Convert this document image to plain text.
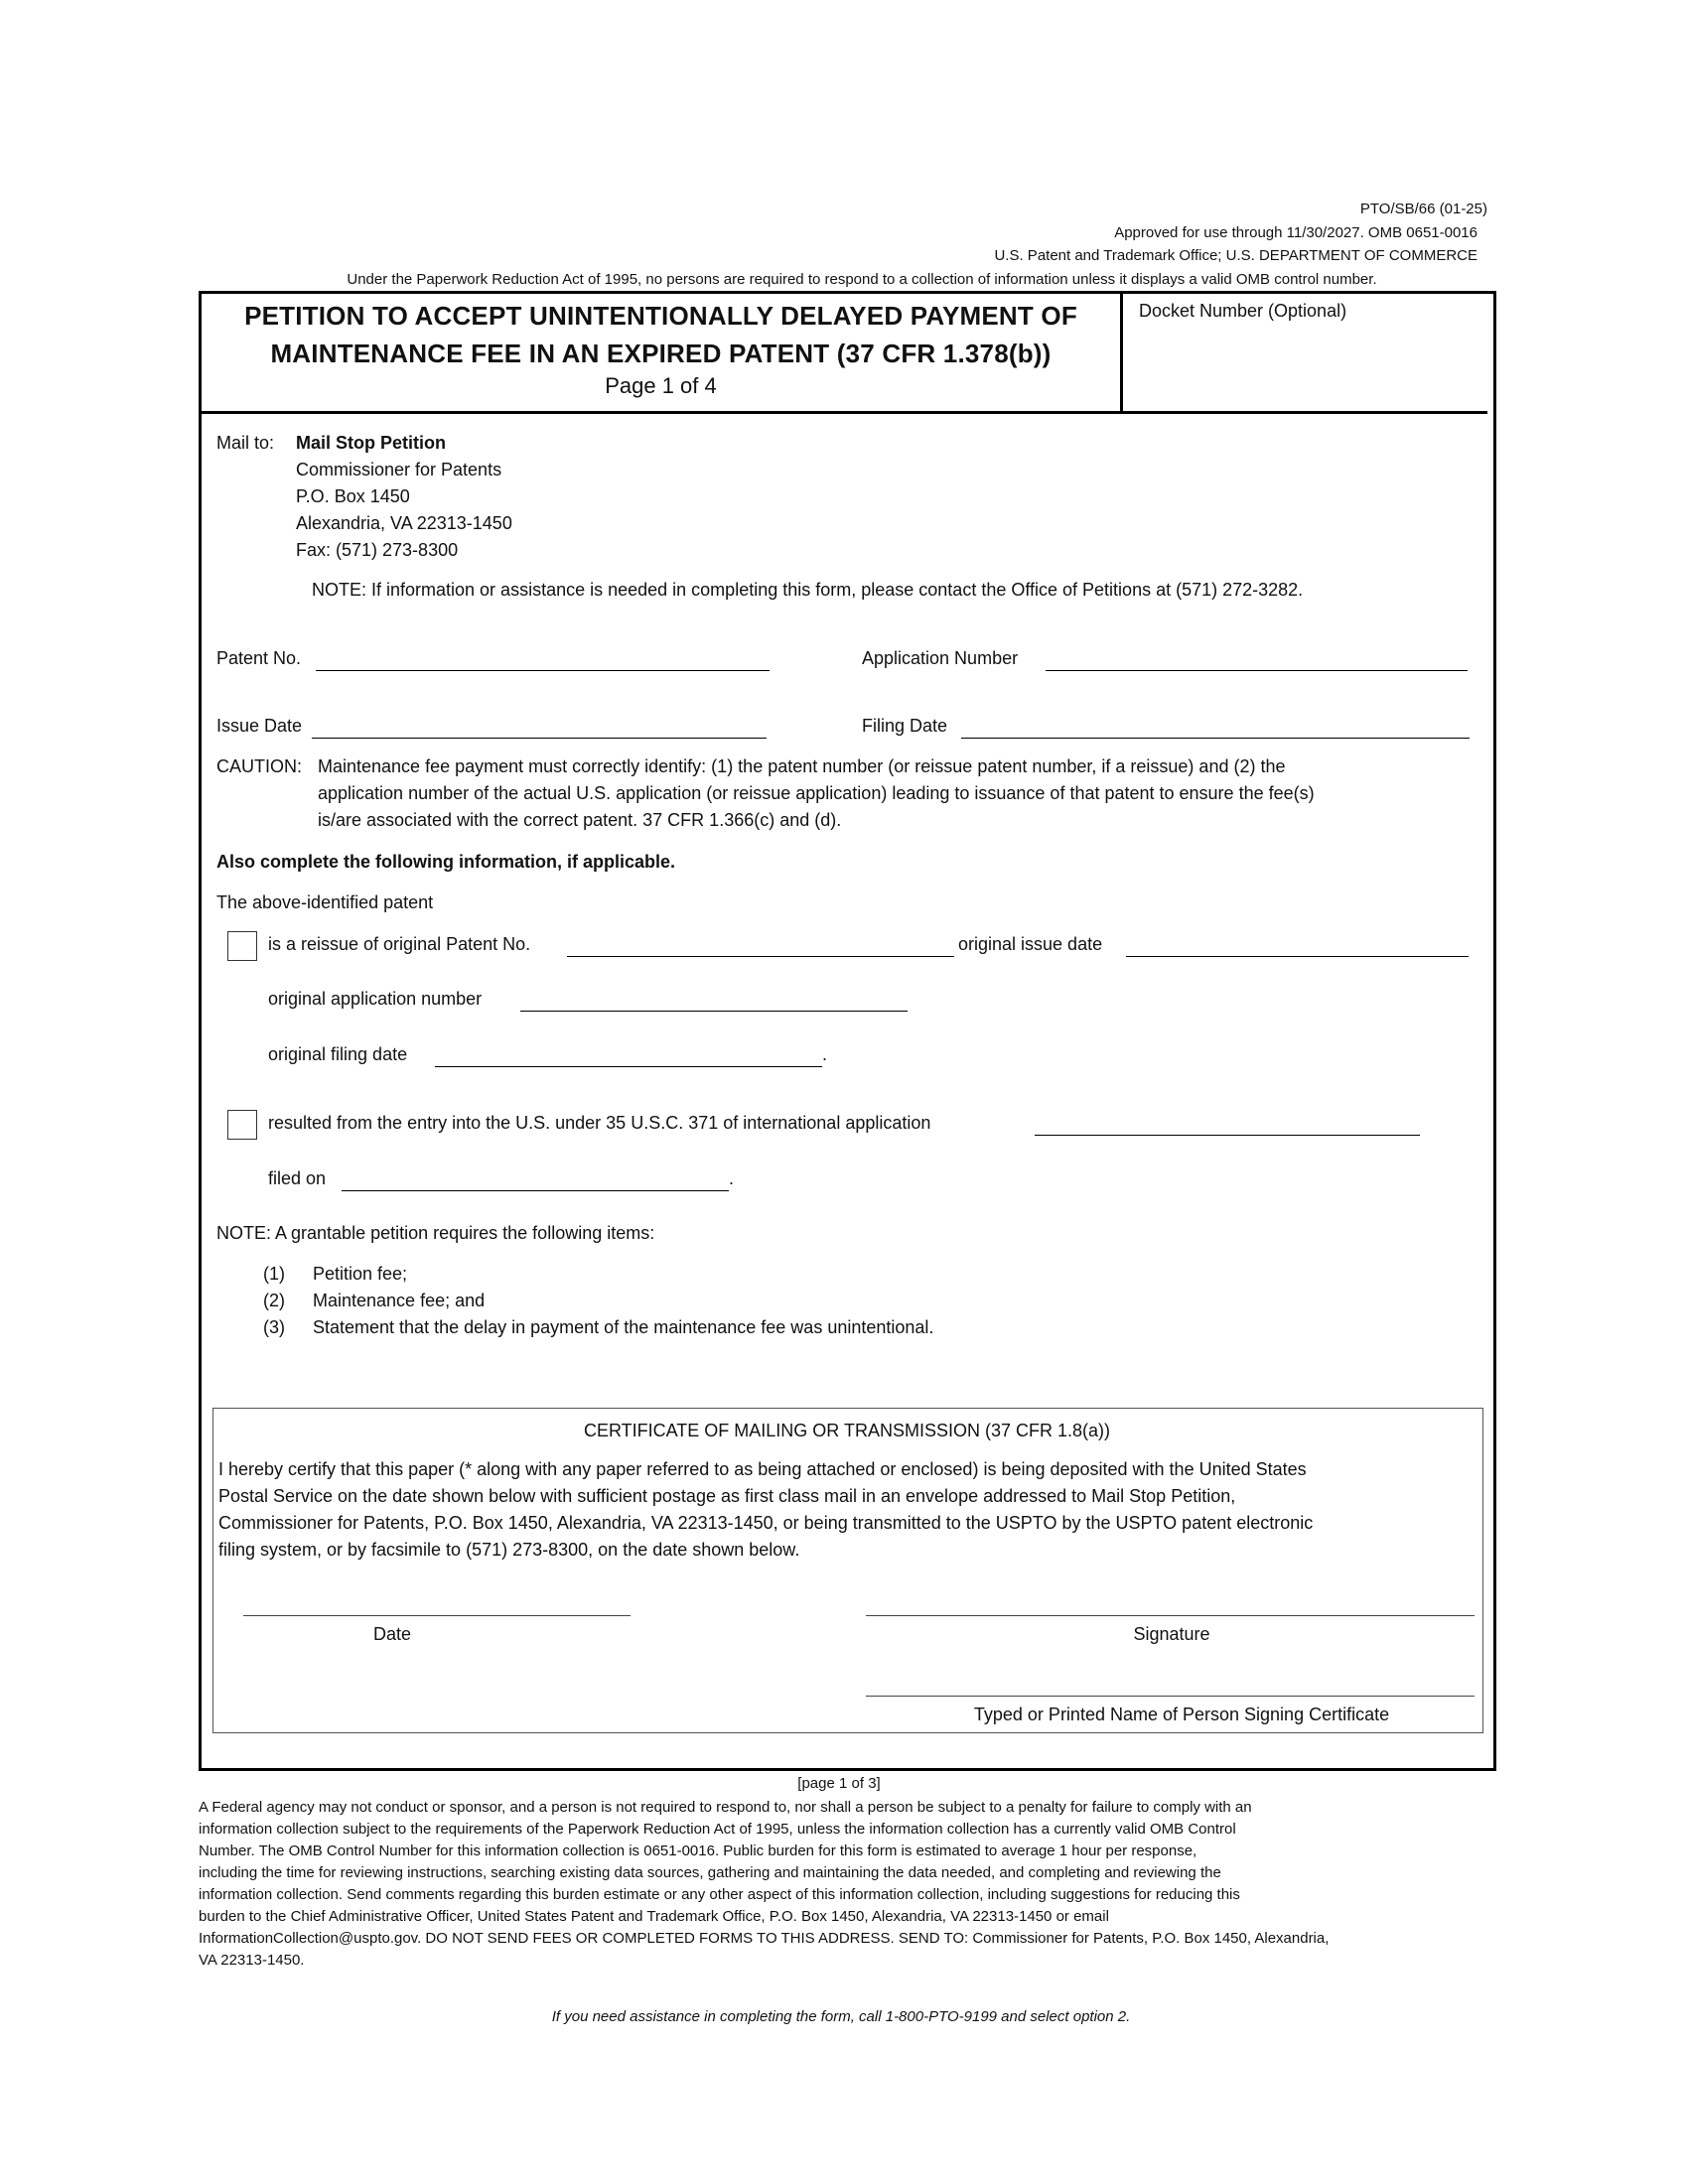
PTO/SB/66 (01-25)
Approved for use through 11/30/2027. OMB 0651-0016
U.S. Patent and Trademark Office; U.S. DEPARTMENT OF COMMERCE
Under the Paperwork Reduction Act of 1995, no persons are required to respond to a collection of information unless it displays a valid OMB control number.
PETITION TO ACCEPT UNINTENTIONALLY DELAYED PAYMENT OF
MAINTENANCE FEE IN AN EXPIRED PATENT (37 CFR 1.378(b))
Page 1 of 4
Docket Number (Optional)
Mail to: Mail Stop Petition
Commissioner for Patents
P.O. Box 1450
Alexandria, VA 22313-1450
Fax: (571) 273-8300
NOTE: If information or assistance is needed in completing this form, please contact the Office of Petitions at (571) 272-3282.
Patent No.	Application Number
Issue Date	Filing Date
CAUTION: Maintenance fee payment must correctly identify: (1) the patent number (or reissue patent number, if a reissue) and (2) the
application number of the actual U.S. application (or reissue application) leading to issuance of that patent to ensure the fee(s)
is/are associated with the correct patent. 37 CFR 1.366(c) and (d).
Also complete the following information, if applicable.
The above-identified patent
is a reissue of original Patent No.	original issue date
original application number
original filing date	.
resulted from the entry into the U.S. under 35 U.S.C. 371 of international application
filed on	.
NOTE: A grantable petition requires the following items:
(1) Petition fee;
(2) Maintenance fee; and
(3) Statement that the delay in payment of the maintenance fee was unintentional.
CERTIFICATE OF MAILING OR TRANSMISSION (37 CFR 1.8(a))
I hereby certify that this paper (* along with any paper referred to as being attached or enclosed) is being deposited with the United States
Postal Service on the date shown below with sufficient postage as first class mail in an envelope addressed to Mail Stop Petition,
Commissioner for Patents, P.O. Box 1450, Alexandria, VA 22313-1450, or being transmitted to the USPTO by the USPTO patent electronic
filing system, or by facsimile to (571) 273-8300, on the date shown below.
Date	Signature
Typed or Printed Name of Person Signing Certificate
[page 1 of 3]
A Federal agency may not conduct or sponsor, and a person is not required to respond to, nor shall a person be subject to a penalty for failure to comply with an
information collection subject to the requirements of the Paperwork Reduction Act of 1995, unless the information collection has a currently valid OMB Control
Number. The OMB Control Number for this information collection is 0651-0016. Public burden for this form is estimated to average 1 hour per response,
including the time for reviewing instructions, searching existing data sources, gathering and maintaining the data needed, and completing and reviewing the
information collection. Send comments regarding this burden estimate or any other aspect of this information collection, including suggestions for reducing this
burden to the Chief Administrative Officer, United States Patent and Trademark Office, P.O. Box 1450, Alexandria, VA 22313-1450 or email
InformationCollection@uspto.gov. DO NOT SEND FEES OR COMPLETED FORMS TO THIS ADDRESS. SEND TO: Commissioner for Patents, P.O. Box 1450, Alexandria,
VA 22313-1450.
If you need assistance in completing the form, call 1-800-PTO-9199 and select option 2.
